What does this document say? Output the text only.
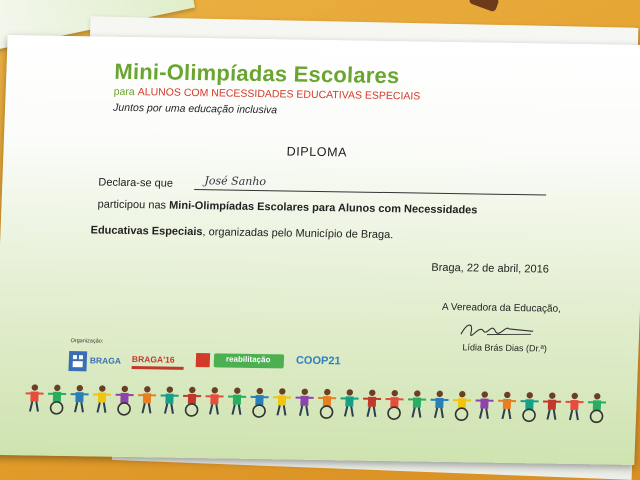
Mini-Olimpíadas Escolares
para ALUNOS COM NECESSIDADES EDUCATIVAS ESPECIAIS
Juntos por uma educação inclusiva
DIPLOMA
Declara-se que	José Sanho
participou nas Mini-Olimpíadas Escolares para Alunos com Necessidades
Educativas Especiais, organizadas pelo Município de Braga.
Braga, 22 de abril, 2016
A Vereadora da Educação,
Lídia Brás Dias (Dr.ª)
Organização:
BRAGA BRAGA'16	reabilitação COOP21
